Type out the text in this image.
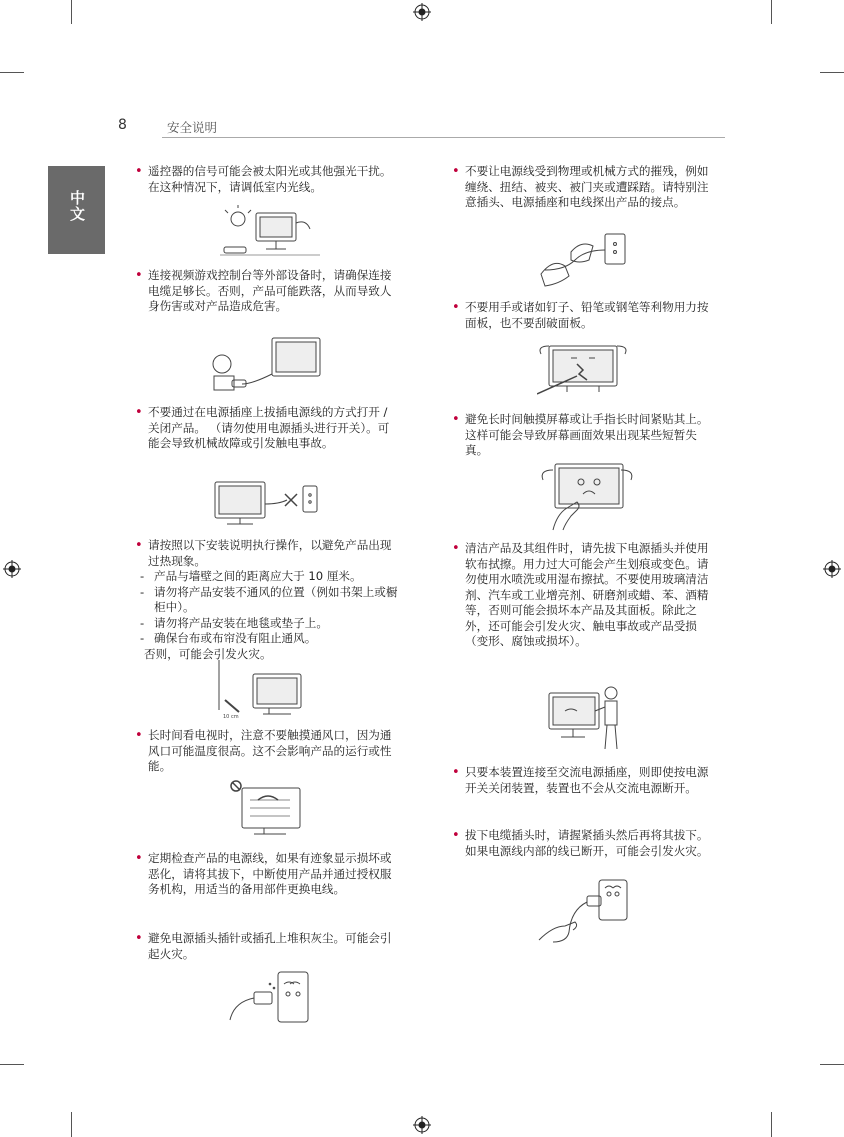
8	安全说明
中文
• 遥控器的信号可能会被太阳光或其他强光干扰。在这种情况下，请调低室内光线。

• 连接视频游戏控制台等外部设备时，请确保连接电缆足够长。否则，产品可能跌落，从而导致人身伤害或对产品造成危害。

• 不要通过在电源插座上拔插电源线的方式打开 / 关闭产品。 （请勿使用电源插头进行开关）。可能会导致机械故障或引发触电事故。

• 请按照以下安装说明执行操作，以避免产品出现过热现象。

- 产品与墙壁之间的距离应大于 10 厘米。
- 请勿将产品安装不通风的位置（例如书架上或橱柜中）。
- 请勿将产品安装在地毯或垫子上。
- 确保台布或布帘没有阻止通风。

否则，可能会引发火灾。

10 cm
• 长时间看电视时，注意不要触摸通风口，因为通风口可能温度很高。这不会影响产品的运行或性能。

• 定期检查产品的电源线，如果有迹象显示损坏或恶化，请将其拔下，中断使用产品并通过授权服务机构，用适当的备用部件更换电线。

• 避免电源插头插针或插孔上堆积灰尘。可能会引起火灾。

• 不要让电源线受到物理或机械方式的摧残，例如缠绕、扭结、被夹、被门夹或遭踩踏。请特别注意插头、电源插座和电线探出产品的接点。

• 不要用手或诸如钉子、铅笔或钢笔等利物用力按面板，也不要刮破面板。

• 避免长时间触摸屏幕或让手指长时间紧贴其上。这样可能会导致屏幕画面效果出现某些短暂失真。

• 清洁产品及其组件时，请先拔下电源插头并使用软布拭擦。用力过大可能会产生划痕或变色。请勿使用水喷洗或用湿布擦拭。不要使用玻璃清洁剂、汽车或工业增亮剂、研磨剂或蜡、苯、酒精等，否则可能会损坏本产品及其面板。除此之外，还可能会引发火灾、触电事故或产品受损（变形、腐蚀或损坏）。

• 只要本装置连接至交流电源插座，则即使按电源开关关闭装置，装置也不会从交流电源断开。

• 拔下电缆插头时，请握紧插头然后再将其拔下。 如果电源线内部的线已断开，可能会引发火灾。
